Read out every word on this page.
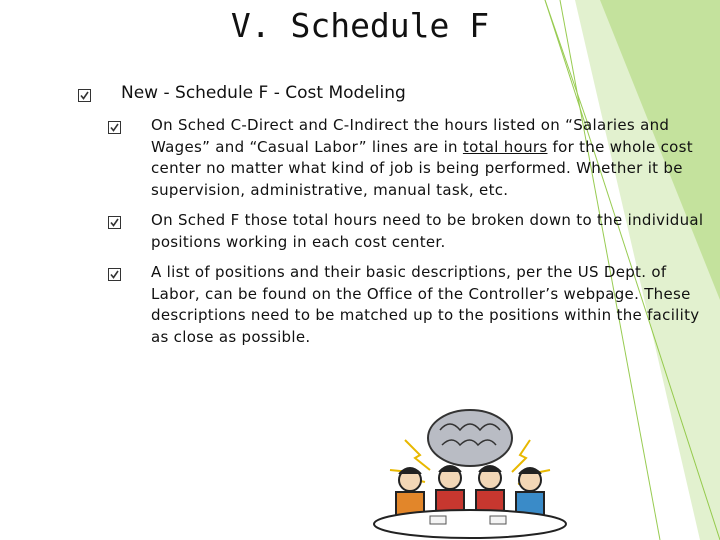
V. Schedule F
New - Schedule F - Cost Modeling
On Sched C-Direct and C-Indirect the hours listed on “Salaries and Wages” and “Casual Labor” lines are in total hours for the whole cost center no matter what kind of job is being performed. Whether it be supervision, administrative, manual task, etc.
On Sched F those total hours need to be broken down to the individual positions working in each cost center.
A list of positions and their basic descriptions, per the US Dept. of Labor, can be found on the Office of the Controller’s webpage. These descriptions need to be matched up to the positions within the facility as close as possible.
